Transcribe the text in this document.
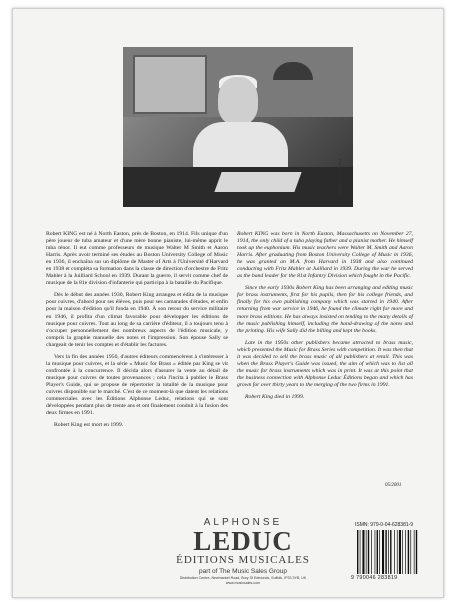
Photo: Sally King

Robert KING est né à North Easton, près de Boston, en 1914. Fils unique d'un père joueur de tuba amateur et d'une mère bonne pianiste, lui-même apprit le tuba ténor. Il eut comme professeurs de musique Walter M Smith et Aaron Harris. Après avoir terminé ses études au Boston University College of Music en 1936, il enchaîna sur un diplôme de Master of Arts à l'Université d'Harvard en 1938 et compléta sa formation dans la classe de direction d'orchestre de Fritz Mahler à la Juilliard School en 1939. Durant la guerre, il servit comme chef de musique de la 81e division d'infanterie qui participa à la bataille du Pacifique.

Dès le début des années 1930, Robert King arrangea et édita de la musique pour cuivres, d'abord pour ses élèves, puis pour ses camarades d'études, et enfin pour la maison d'édition qu'il fonda en 1940. À son retour du service militaire en 1946, il profita d'un climat favorable pour développer les éditions de musique pour cuivres. Tout au long de sa carrière d'éditeur, il a toujours tenu à s'occuper personnellement des nombreux aspects de l'édition musicale, y compris la graphie manuelle des notes et l'impression. Son épouse Sally se chargeait de tenir les comptes et d'établir les factures.

Vers la fin des années 1950, d'autres éditeurs commencèrent à s'intéresser à la musique pour cuivres, et la série « Music for Brass » éditée par King se vit confrontée à la concurrence. Il décida alors d'assurer la vente au détail de musique pour cuivres de toutes provenances ; cela l'incita à publier le Brass Player's Guide, qui se propose de répertorier la totalité de la musique pour cuivres disponible sur le marché. C'est de ce moment-là que datent les relations commerciales avec les Éditions Alphonse Leduc, relations qui se sont développées pendant plus de trente ans et ont finalement conduit à la fusion des deux firmes en 1991.

Robert King est mort en 1999.

Robert KING was born in North Easton, Massachusetts on November 27, 1914, the only child of a tuba playing father and a pianist mother. He himself took up the euphonium. His music teachers were Walter M. Smith and Aaron Harris. After graduating from Boston University College of Music in 1936, he was granted an M.A. from Harvard in 1938 and also continued conducting with Fritz Mahler at Juilliard in 1939. During the war he served as the band leader for the 81st Infantry Division which fought in the Pacific.

Since the early 1930s Robert King has been arranging and editing music for brass instruments, first for his pupils, then for his college friends, and finally for his own publishing company which was started in 1940. After returning from war service in 1946, he found the climate right for more and more brass editions. He has always insisted on tending to the many details of the music publishing himself, including the hand-drawing of the notes and the printing. His wife Sally did the billing and kept the books.

Late in the 1950s other publishers became attracted to brass music, which presented the Music for Brass Series with competition. It was then that it was decided to sell the brass music of all publishers at retail. This was when the Brass Player's Guide was issued, the aim of which was to list all the music for brass instruments which was in print. It was at this point that the business connection with Alphonse Leduc Éditions began and which has grown for over thirty years to the merging of the two firms in 1991.

Robert King died in 1999.

05/2001
ALPHONSE
LEDUC
ÉDITIONS MUSICALES
part of The Music Sales Group
Distribution Centre, Newmarket Road, Bury St Edmunds, Suffolk, IP33 3YB, UK
www.musicsales.com
ISMN: 979-0-04-628381-9
9 790046 283819
